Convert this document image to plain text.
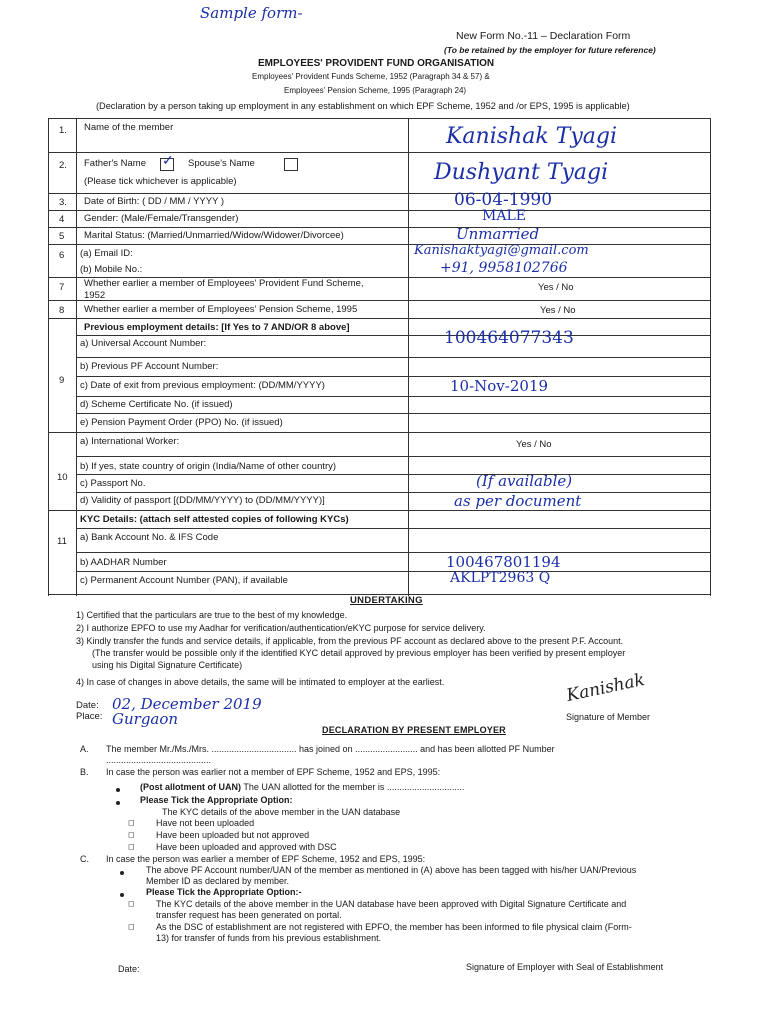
Sample form-
New Form No.-11 – Declaration Form
(To be retained by the employer for future reference)
EMPLOYEES' PROVIDENT FUND ORGANISATION
Employees' Provident Funds Scheme, 1952 (Paragraph 34 & 57) &
Employees' Pension Scheme, 1995 (Paragraph 24)
(Declaration by a person taking up employment in any establishment on which EPF Scheme, 1952 and /or EPS, 1995 is applicable)
1.
2.
3.
4
5
6
7
8
9
10
11
Name of the member
Father's Name ✓ Spouse's Name
(Please tick whichever is applicable)
Date of Birth: ( DD / MM / YYYY )
Gender: (Male/Female/Transgender)
Marital Status: (Married/Unmarried/Widow/Widower/Divorcee)
(a) Email ID:
(b) Mobile No.:
Whether earlier a member of Employees' Provident Fund Scheme,
1952
Whether earlier a member of Employees' Pension Scheme, 1995
Previous employment details: [If Yes to 7 AND/OR 8 above]
a) Universal Account Number:
b) Previous PF Account Number:
c) Date of exit from previous employment: (DD/MM/YYYY)
d) Scheme Certificate No. (if issued)
e) Pension Payment Order (PPO) No. (if issued)
a) International Worker:
b) If yes, state country of origin (India/Name of other country)
c) Passport No.
d) Validity of passport [(DD/MM/YYYY) to (DD/MM/YYYY)]
KYC Details: (attach self attested copies of following KYCs)
a) Bank Account No. & IFS Code
b) AADHAR Number
c) Permanent Account Number (PAN), if available
Kanishak Tyagi
Dushyant Tyagi
06-04-1990
MALE
Unmarried
Kanishaktyagi@gmail.com
+91, 9958102766
Yes / No
Yes / No
100464077343
10-Nov-2019
Yes / No
(If available)
as per document
100467801194
AKLPT2963 Q
UNDERTAKING
1) Certified that the particulars are true to the best of my knowledge.
2) I authorize EPFO to use my Aadhar for verification/authentication/eKYC purpose for service delivery.
3) Kindly transfer the funds and service details, if applicable, from the previous PF account as declared above to the present P.F. Account.
(The transfer would be possible only if the identified KYC detail approved by previous employer has been verified by present employer
using his Digital Signature Certificate)
4) In case of changes in above details, the same will be intimated to employer at the earliest.
Date: 02, December 2019
Place: Gurgaon
Kanishak
Signature of Member
DECLARATION BY PRESENT EMPLOYER
A. The member Mr./Ms./Mrs. .................................. has joined on ......................... and has been allotted PF Number
..........................................
B. In case the person was earlier not a member of EPF Scheme, 1952 and EPS, 1995:
(Post allotment of UAN) The UAN allotted for the member is ...............................
Please Tick the Appropriate Option:
The KYC details of the above member in the UAN database
◻ Have not been uploaded
◻ Have been uploaded but not approved
◻ Have been uploaded and approved with DSC
C. In case the person was earlier a member of EPF Scheme, 1952 and EPS, 1995:
The above PF Account number/UAN of the member as mentioned in (A) above has been tagged with his/her UAN/Previous
Member ID as declared by member.
Please Tick the Appropriate Option:-
◻ The KYC details of the above member in the UAN database have been approved with Digital Signature Certificate and
transfer request has been generated on portal.
◻ As the DSC of establishment are not registered with EPFO, the member has been informed to file physical claim (Form-
13) for transfer of funds from his previous establishment.
Date:	Signature of Employer with Seal of Establishment
